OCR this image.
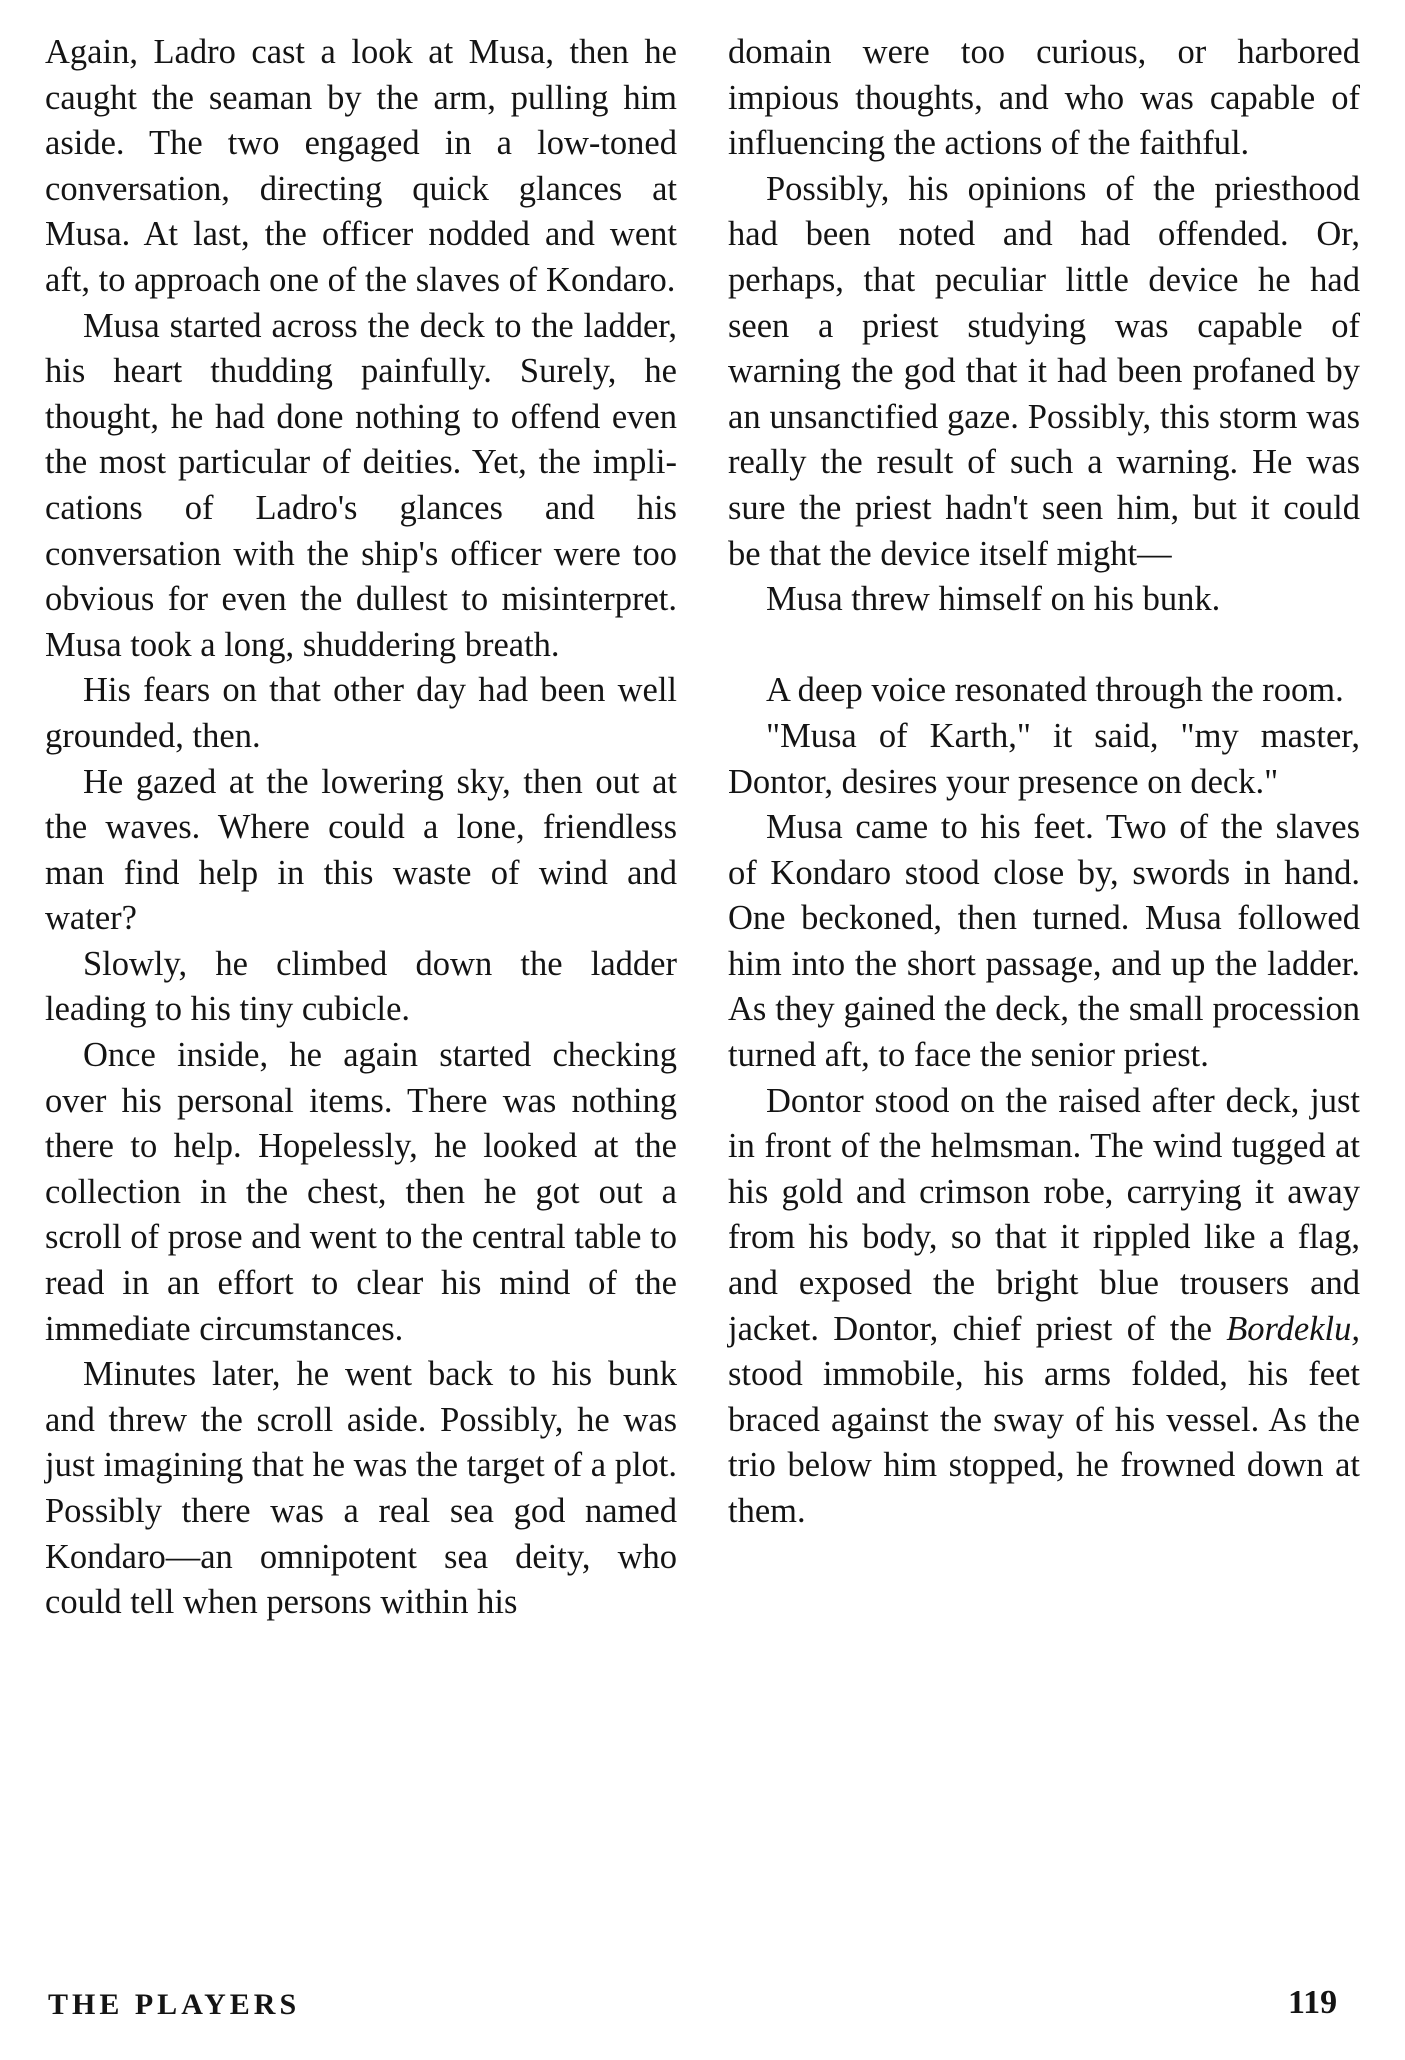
Again, Ladro cast a look at Musa, then he caught the seaman by the arm, pulling him aside. The two engaged in a low-toned conversation, directing quick glances at Musa. At last, the officer nodded and went aft, to approach one of the slaves of Kondaro.

Musa started across the deck to the ladder, his heart thudding painfully. Surely, he thought, he had done nothing to offend even the most particular of deities. Yet, the implications of Ladro's glances and his conversation with the ship's officer were too obvious for even the dullest to misinterpret. Musa took a long, shuddering breath.

His fears on that other day had been well grounded, then.

He gazed at the lowering sky, then out at the waves. Where could a lone, friendless man find help in this waste of wind and water?

Slowly, he climbed down the ladder leading to his tiny cubicle.

Once inside, he again started checking over his personal items. There was nothing there to help. Hopelessly, he looked at the collection in the chest, then he got out a scroll of prose and went to the central table to read in an effort to clear his mind of the immediate circumstances.

Minutes later, he went back to his bunk and threw the scroll aside. Possibly, he was just imagining that he was the target of a plot. Possibly there was a real sea god named Kondaro—an omnipotent sea deity, who could tell when persons within his

domain were too curious, or harbored impious thoughts, and who was capable of influencing the actions of the faithful.

Possibly, his opinions of the priesthood had been noted and had offended. Or, perhaps, that peculiar little device he had seen a priest studying was capable of warning the god that it had been profaned by an unsanctified gaze. Possibly, this storm was really the result of such a warning. He was sure the priest hadn't seen him, but it could be that the device itself might—

Musa threw himself on his bunk.

A deep voice resonated through the room.

"Musa of Karth," it said, "my master, Dontor, desires your presence on deck."

Musa came to his feet. Two of the slaves of Kondaro stood close by, swords in hand. One beckoned, then turned. Musa followed him into the short passage, and up the ladder. As they gained the deck, the small procession turned aft, to face the senior priest.

Dontor stood on the raised after deck, just in front of the helmsman. The wind tugged at his gold and crimson robe, carrying it away from his body, so that it rippled like a flag, and exposed the bright blue trousers and jacket. Dontor, chief priest of the Bordeklu, stood immobile, his arms folded, his feet braced against the sway of his vessel. As the trio below him stopped, he frowned down at them.

THE PLAYERS	119
